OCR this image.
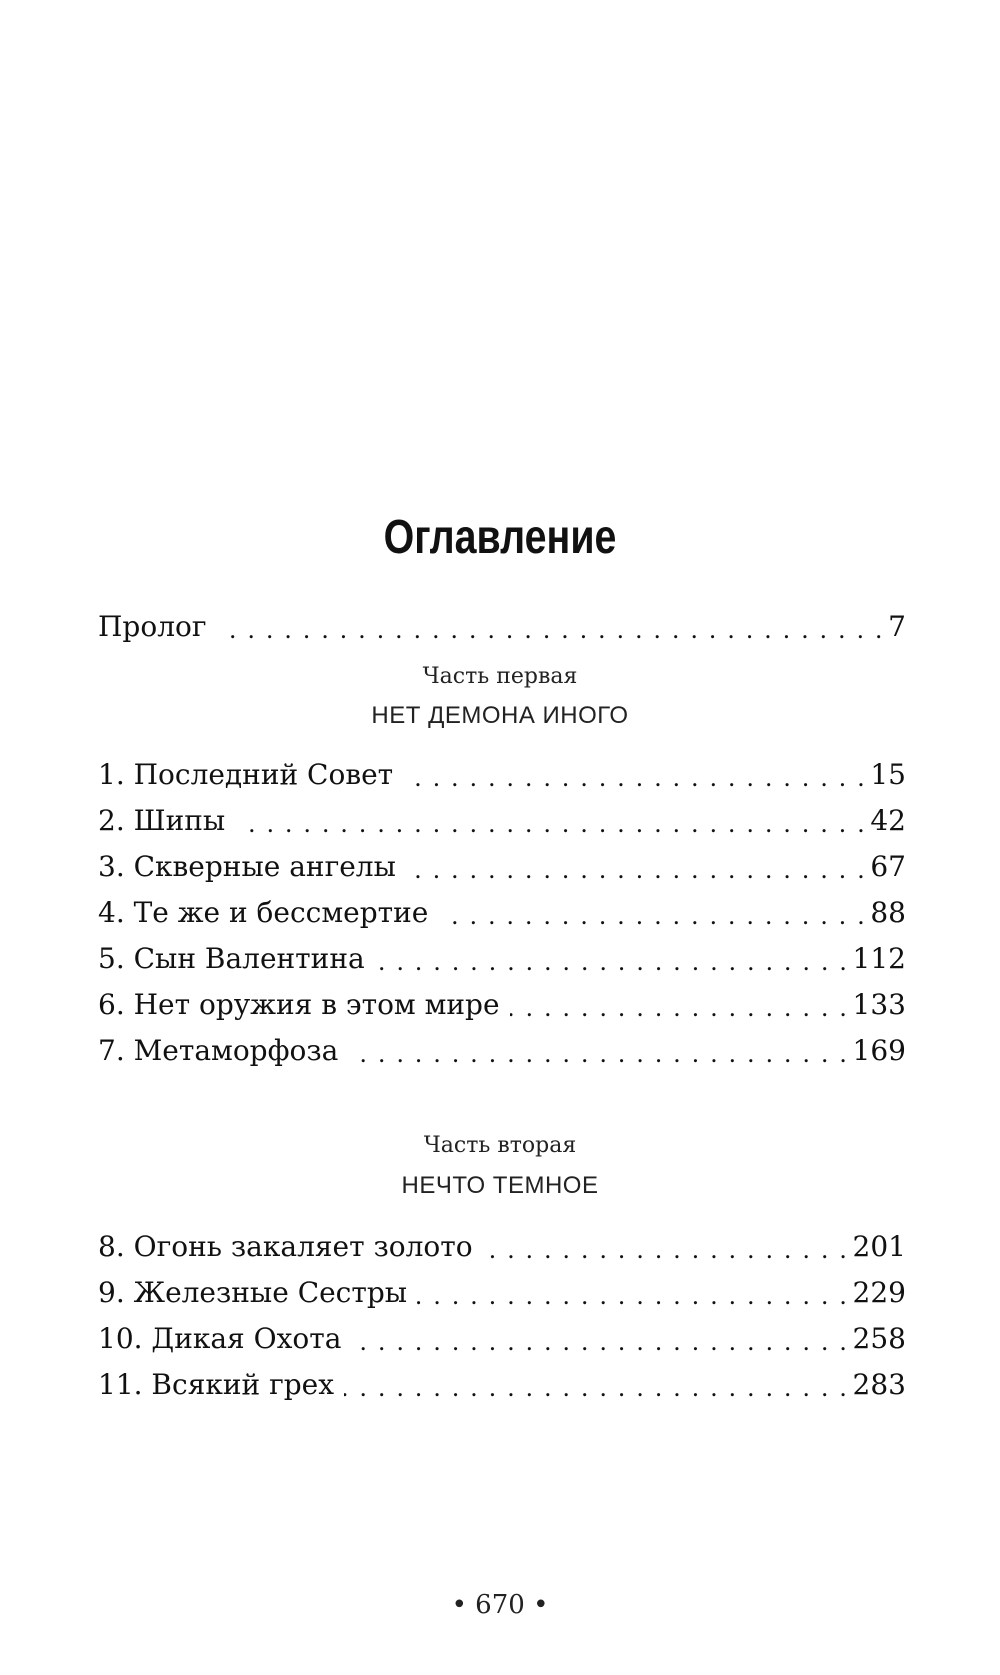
Оглавление
Пролог . . .	7
Часть первая
НЕТ ДЕМОНА ИНОГО
1. Последний Совет . . .	15
2. Шипы . . .	42
3. Скверные ангелы . . .	67
4. Те же и бессмертие . . .	88
5. Сын Валентина . . .	112
6. Нет оружия в этом мире . . .	133
7. Метаморфоза . . .	169
Часть вторая
НЕЧТО ТЕМНОЕ
8. Огонь закаляет золото . . .	201
9. Железные Сестры . . .	229
10. Дикая Охота . . .	258
11. Всякий грех . . .	283
• 670 •
